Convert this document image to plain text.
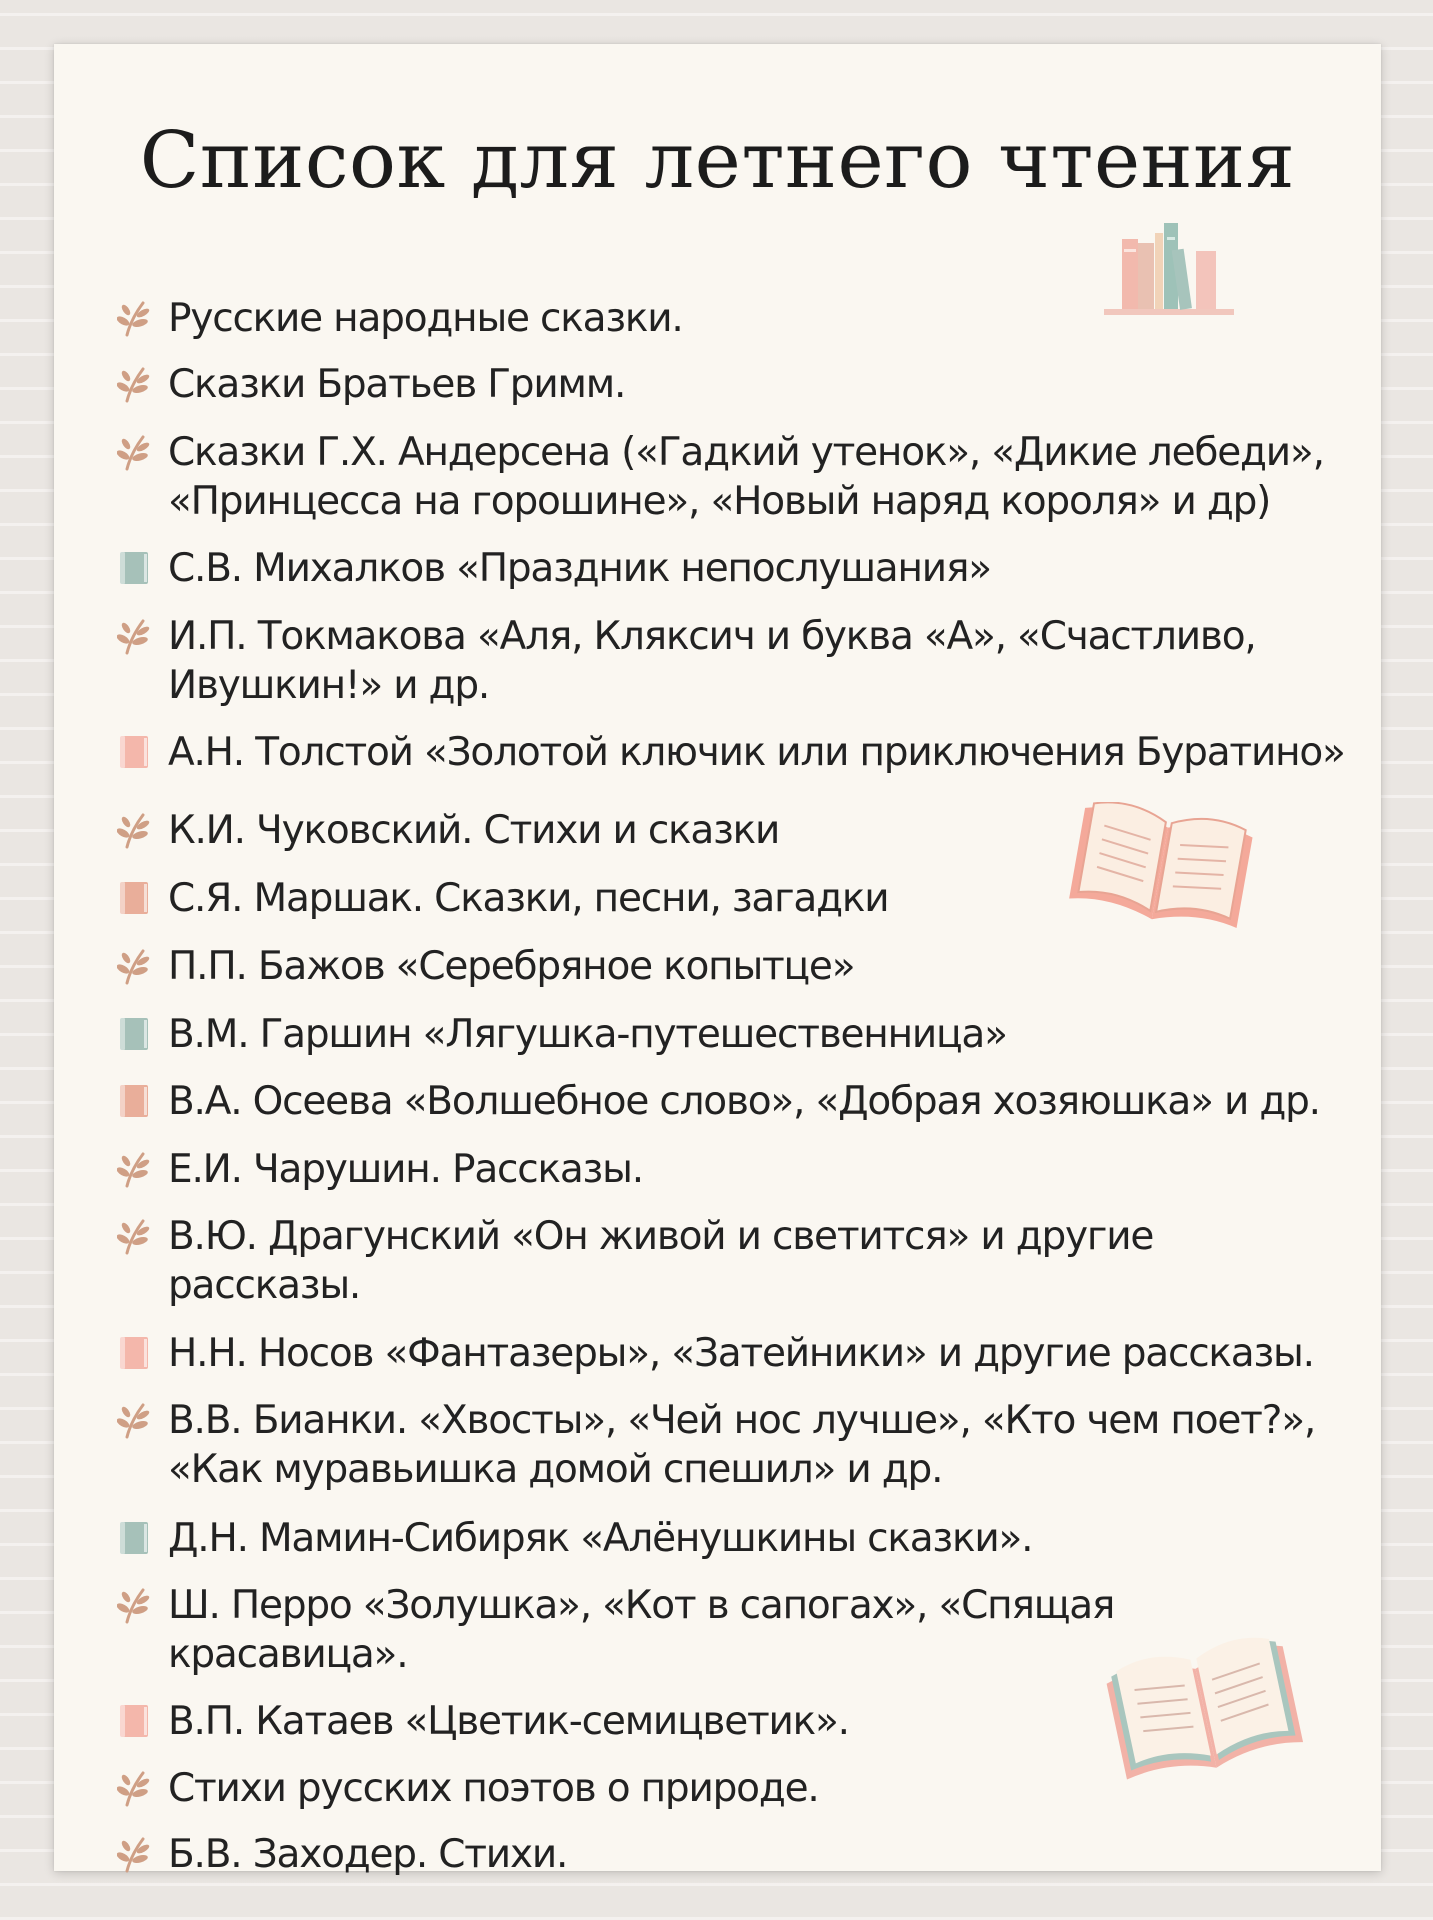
Список для летнего чтения
Русские народные сказки.
Сказки Братьев Гримм.
Сказки Г.Х. Андерсена («Гадкий утенок», «Дикие лебеди»,
«Принцесса на горошине», «Новый наряд короля» и др)
С.В. Михалков «Праздник непослушания»
И.П. Токмакова «Аля, Кляксич и буква «А», «Счастливо,
Ивушкин!» и др.
А.Н. Толстой «Золотой ключик или приключения Буратино»
К.И. Чуковский. Стихи и сказки
С.Я. Маршак. Сказки, песни, загадки
П.П. Бажов «Серебряное копытце»
В.М. Гаршин «Лягушка-путешественница»
В.А. Осеева «Волшебное слово», «Добрая хозяюшка» и др.
Е.И. Чарушин. Рассказы.
В.Ю. Драгунский «Он живой и светится» и другие
рассказы.
Н.Н. Носов «Фантазеры», «Затейники» и другие рассказы.
В.В. Бианки. «Хвосты», «Чей нос лучше», «Кто чем поет?»,
«Как муравьишка домой спешил» и др.
Д.Н. Мамин-Сибиряк «Алёнушкины сказки».
Ш. Перро «Золушка», «Кот в сапогах», «Спящая
красавица».
В.П. Катаев «Цветик-семицветик».
Стихи русских поэтов о природе.
Б.В. Заходер. Стихи.
